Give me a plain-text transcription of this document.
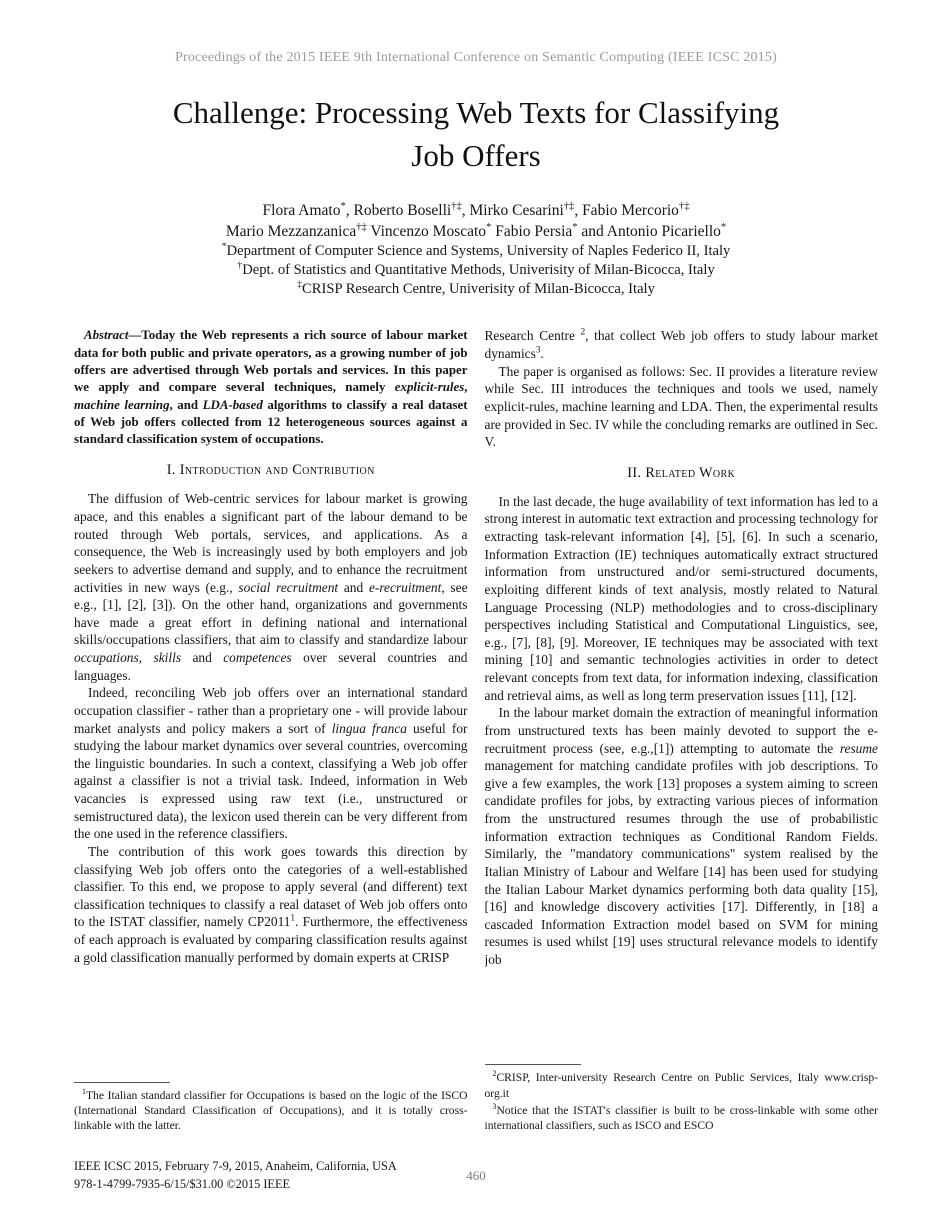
Proceedings of the 2015 IEEE 9th International Conference on Semantic Computing (IEEE ICSC 2015)
Challenge: Processing Web Texts for Classifying
Job Offers
Flora Amato*, Roberto Boselli†‡, Mirko Cesarini†‡, Fabio Mercorio†‡
Mario Mezzanzanica†‡ Vincenzo Moscato* Fabio Persia* and Antonio Picariello*
*Department of Computer Science and Systems, University of Naples Federico II, Italy
†Dept. of Statistics and Quantitative Methods, Univerisity of Milan-Bicocca, Italy
‡CRISP Research Centre, Univerisity of Milan-Bicocca, Italy

Abstract—Today the Web represents a rich source of labour market data for both public and private operators, as a growing number of job offers are advertised through Web portals and services. In this paper we apply and compare several techniques, namely explicit-rules, machine learning, and LDA-based algorithms to classify a real dataset of Web job offers collected from 12 heterogeneous sources against a standard classification system of occupations.

I. Introduction and Contribution

The diffusion of Web-centric services for labour market is growing apace, and this enables a significant part of the labour demand to be routed through Web portals, services, and applications. As a consequence, the Web is increasingly used by both employers and job seekers to advertise demand and supply, and to enhance the recruitment activities in new ways (e.g., social recruitment and e-recruitment, see e.g., [1], [2], [3]). On the other hand, organizations and governments have made a great effort in defining national and international skills/occupations classifiers, that aim to classify and standardize labour occupations, skills and competences over several countries and languages.

Indeed, reconciling Web job offers over an international standard occupation classifier - rather than a proprietary one - will provide labour market analysts and policy makers a sort of lingua franca useful for studying the labour market dynamics over several countries, overcoming the linguistic boundaries. In such a context, classifying a Web job offer against a classifier is not a trivial task. Indeed, information in Web vacancies is expressed using raw text (i.e., unstructured or semistructured data), the lexicon used therein can be very different from the one used in the reference classifiers.

The contribution of this work goes towards this direction by classifying Web job offers onto the categories of a well-established classifier. To this end, we propose to apply several (and different) text classification techniques to classify a real dataset of Web job offers onto to the ISTAT classifier, namely CP2011$^1$. Furthermore, the effectiveness of each approach is evaluated by comparing classification results against a gold classification manually performed by domain experts at CRISP

$^1$The Italian standard classifier for Occupations is based on the logic of the ISCO (International Standard Classification of Occupations), and it is totally cross-linkable with the latter.

Research Centre $^2$, that collect Web job offers to study labour market dynamics$^3$.

The paper is organised as follows: Sec. II provides a literature review while Sec. III introduces the techniques and tools we used, namely explicit-rules, machine learning and LDA. Then, the experimental results are provided in Sec. IV while the concluding remarks are outlined in Sec. V.

II. Related Work

In the last decade, the huge availability of text information has led to a strong interest in automatic text extraction and processing technology for extracting task-relevant information [4], [5], [6]. In such a scenario, Information Extraction (IE) techniques automatically extract structured information from unstructured and/or semi-structured documents, exploiting different kinds of text analysis, mostly related to Natural Language Processing (NLP) methodologies and to cross-disciplinary perspectives including Statistical and Computational Linguistics, see, e.g., [7], [8], [9]. Moreover, IE techniques may be associated with text mining [10] and semantic technologies activities in order to detect relevant concepts from text data, for information indexing, classification and retrieval aims, as well as long term preservation issues [11], [12].

In the labour market domain the extraction of meaningful information from unstructured texts has been mainly devoted to support the e-recruitment process (see, e.g.,[1]) attempting to automate the resume management for matching candidate profiles with job descriptions. To give a few examples, the work [13] proposes a system aiming to screen candidate profiles for jobs, by extracting various pieces of information from the unstructured resumes through the use of probabilistic information extraction techniques as Conditional Random Fields. Similarly, the "mandatory communications" system realised by the Italian Ministry of Labour and Welfare [14] has been used for studying the Italian Labour Market dynamics performing both data quality [15], [16] and knowledge discovery activities [17]. Differently, in [18] a cascaded Information Extraction model based on SVM for mining resumes is used whilst [19] uses structural relevance models to identify job

$^2$CRISP, Inter-university Research Centre on Public Services, Italy www.crisp-org.it

$^3$Notice that the ISTAT's classifier is built to be cross-linkable with some other international classifiers, such as ISCO and ESCO

IEEE ICSC 2015, February 7-9, 2015, Anaheim, California, USA
978-1-4799-7935-6/15/$31.00 ©2015 IEEE
460
